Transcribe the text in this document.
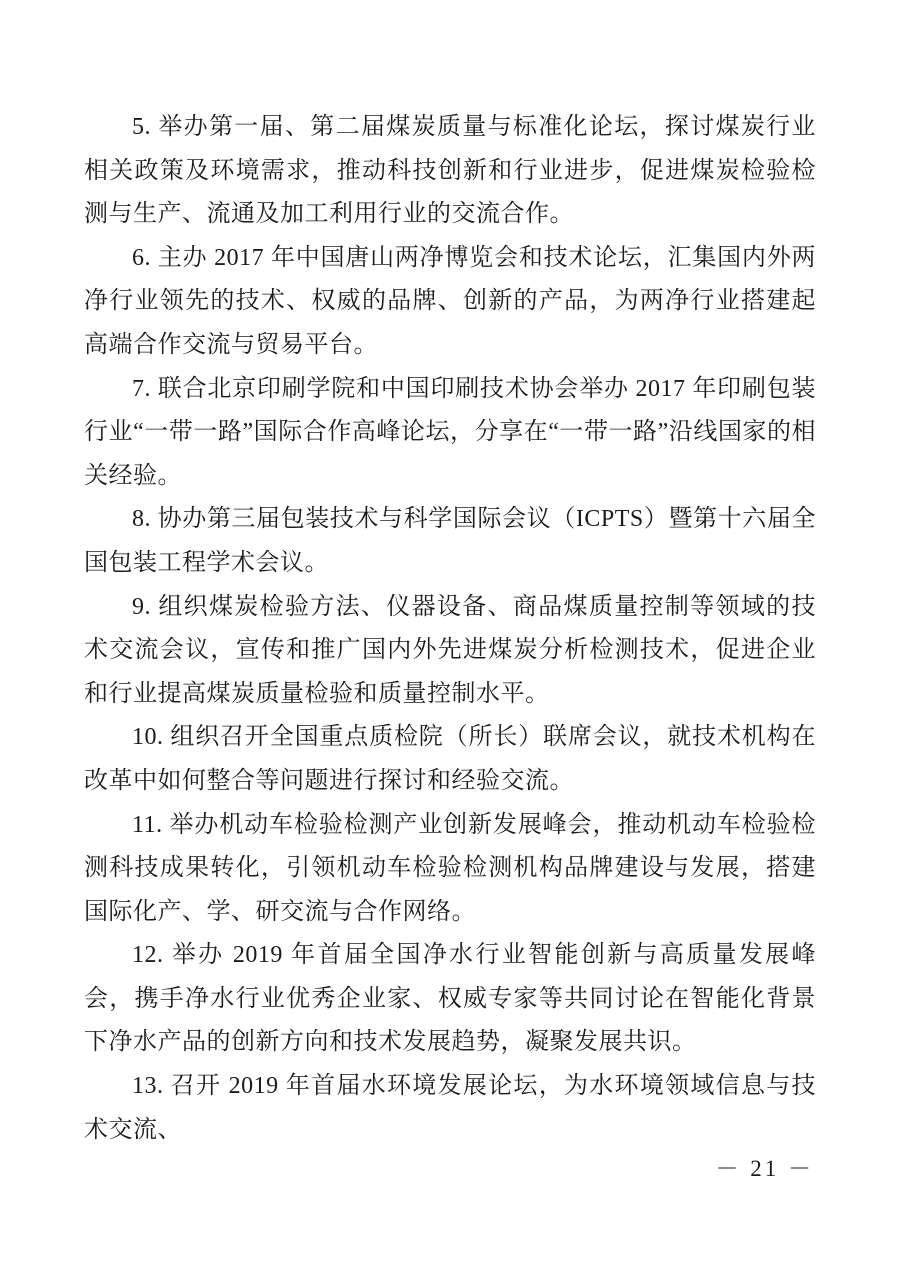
5. 举办第一届、第二届煤炭质量与标准化论坛，探讨煤炭行业相关政策及环境需求，推动科技创新和行业进步，促进煤炭检验检测与生产、流通及加工利用行业的交流合作。

6. 主办 2017 年中国唐山两净博览会和技术论坛，汇集国内外两净行业领先的技术、权威的品牌、创新的产品，为两净行业搭建起高端合作交流与贸易平台。

7. 联合北京印刷学院和中国印刷技术协会举办 2017 年印刷包装行业“一带一路”国际合作高峰论坛，分享在“一带一路”沿线国家的相关经验。

8. 协办第三届包装技术与科学国际会议（ICPTS）暨第十六届全国包装工程学术会议。

9. 组织煤炭检验方法、仪器设备、商品煤质量控制等领域的技术交流会议，宣传和推广国内外先进煤炭分析检测技术，促进企业和行业提高煤炭质量检验和质量控制水平。

10. 组织召开全国重点质检院（所长）联席会议，就技术机构在改革中如何整合等问题进行探讨和经验交流。

11. 举办机动车检验检测产业创新发展峰会，推动机动车检验检测科技成果转化，引领机动车检验检测机构品牌建设与发展，搭建国际化产、学、研交流与合作网络。

12. 举办 2019 年首届全国净水行业智能创新与高质量发展峰会，携手净水行业优秀企业家、权威专家等共同讨论在智能化背景下净水产品的创新方向和技术发展趋势，凝聚发展共识。

13. 召开 2019 年首届水环境发展论坛，为水环境领域信息与技术交流、

－ 21 －
